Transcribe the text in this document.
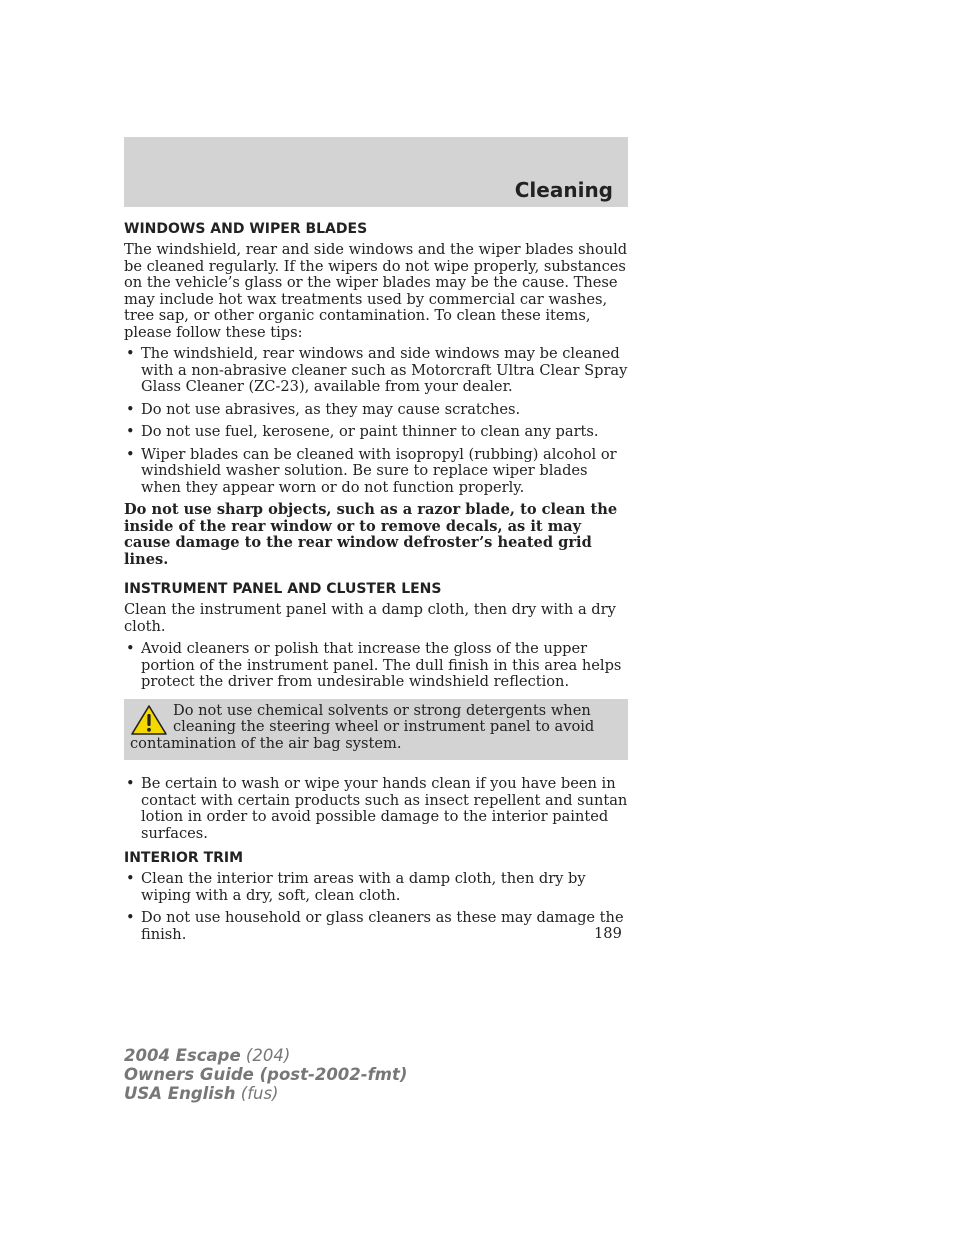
Cleaning
WINDOWS AND WIPER BLADES

The windshield, rear and side windows and the wiper blades should be cleaned regularly. If the wipers do not wipe properly, substances on the vehicle’s glass or the wiper blades may be the cause. These may include hot wax treatments used by commercial car washes, tree sap, or other organic contamination. To clean these items, please follow these tips:

• The windshield, rear windows and side windows may be cleaned with a non-abrasive cleaner such as Motorcraft Ultra Clear Spray Glass Cleaner (ZC-23), available from your dealer.
• Do not use abrasives, as they may cause scratches.
• Do not use fuel, kerosene, or paint thinner to clean any parts.
• Wiper blades can be cleaned with isopropyl (rubbing) alcohol or windshield washer solution. Be sure to replace wiper blades when they appear worn or do not function properly.

Do not use sharp objects, such as a razor blade, to clean the inside of the rear window or to remove decals, as it may cause damage to the rear window defroster’s heated grid lines.

INSTRUMENT PANEL AND CLUSTER LENS

Clean the instrument panel with a damp cloth, then dry with a dry cloth.

• Avoid cleaners or polish that increase the gloss of the upper portion of the instrument panel. The dull finish in this area helps protect the driver from undesirable windshield reflection.
Do not use chemical solvents or strong detergents when cleaning the steering wheel or instrument panel to avoid contamination of the air bag system.
• Be certain to wash or wipe your hands clean if you have been in contact with certain products such as insect repellent and suntan lotion in order to avoid possible damage to the interior painted surfaces.
INTERIOR TRIM
• Clean the interior trim areas with a damp cloth, then dry by wiping with a dry, soft, clean cloth.
• Do not use household or glass cleaners as these may damage the finish.	189
2004 Escape (204)
Owners Guide (post-2002-fmt)
USA English (fus)
